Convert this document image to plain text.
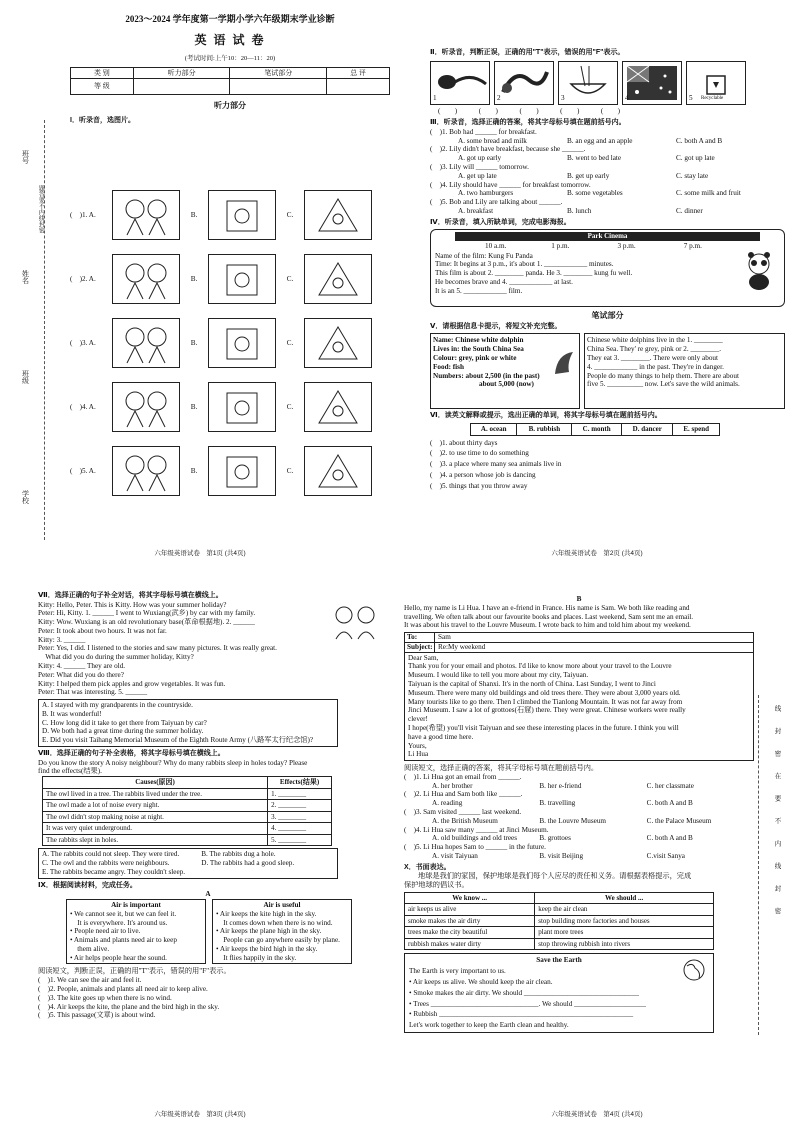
班号
姓名
班级
学校
题答要不内线封密
2023～2024 学年度第一学期小学六年级期末学业诊断
英 语 试 卷
(考试时间:上午10：20—11：20)
类 别	听力部分	笔试部分	总 评
等 级			
听力部分
I．听录音，选图片。
(　)1. A.	B.	C.
(　)2. A.	B.	C.
(　)3. A.	B.	C.
(　)4. A.	B.	C.
(　)5. A.	B.	C.
六年级英语试卷　第1页 (共4页)
Ⅱ．听录音，判断正误，正确的用"T"表示，错误的用"F"表示。
1	2	3	4	5 Recyclable
(　　)　　　(　　)　　　(　　)　　　(　　)　　　(　　)
Ⅲ．听录音，选择正确的答案，将其字母标号填在题前括号内。
(　)1. Bob had ______ for breakfast.
A. some bread and milk	B. an egg and an apple	C. both A and B
(　)2. Lily didn't have breakfast, because she ______.
A. got up early	B. went to bed late	C. got up late
(　)3. Lily will ______ tomorrow.
A. get up late	B. get up early	C. stay late
(　)4. Lily should have ______ for breakfast tomorrow.
A. two hamburgers	B. some vegetables	C. some milk and fruit
(　)5. Bob and Lily are talking about ______.
A. breakfast	B. lunch	C. dinner
Ⅳ．听录音，填入所缺单词，完成电影海报。
Park Cinema
10 a.m.	1 p.m.	3 p.m.	7 p.m.
Name of the film: Kung Fu Panda
Time: It begins at 3 p.m., it's about 1. ____________ minutes.
This film is about 2. ________ panda. He 3. ________ kung fu well.
He becomes brave and 4. ____________ at last.
It is an 5. ____________ film.
笔试部分
Ⅴ．请根据信息卡提示，将短文补充完整。
Name: Chinese white dolphin
Lives in: the South China Sea
Colour: grey, pink or white
Food: fish
Numbers: about 2,500 (in the past)
about 5,000 (now)
Chinese white dolphins live in the 1. ________
China Sea. They' re grey, pink or 2. ________.
They eat 3. ________. There were only about
4. ____________ in the past. They're in danger.
People do many things to help them. There are about
five 5. __________ now. Let's save the wild animals.
Ⅵ．读英文解释或提示，选出正确的单词，将其字母标号填在题前括号内。
A. ocean	B. rubbish	C. month	D. dancer	E. spend
(　)1. about thirty days
(　)2. to use time to do something
(　)3. a place where many sea animals live in
(　)4. a person whose job is dancing
(　)5. things that you throw away
六年级英语试卷　第2页 (共4页)
Ⅶ．选择正确的句子补全对话，将其字母标号填在横线上。
Kitty: Hello, Peter. This is Kitty. How was your summer holiday?
Peter: Hi, Kitty. 1. ______ I went to Wuxiang(武乡) by car with my family.
Kitty: Wow. Wuxiang is an old revolutionary base(革命根据地). 2. ______
Peter: It took about two hours. It was not far.
Kitty: 3. ______
Peter: Yes, I did. I listened to the stories and saw many pictures. It was really great.
　What did you do during the summer holiday, Kitty?
Kitty: 4. ______ They are old.
Peter: What did you do there?
Kitty: I helped them pick apples and grow vegetables. It was fun.
Peter: That was interesting. 5. ______
A. I stayed with my grandparents in the countryside.
B. It was wonderful!
C. How long did it take to get there from Taiyuan by car?
D. We both had a great time during the summer holiday.
E. Did you visit Taihang Memorial Museum of the Eighth Route Army (八路军太行纪念馆)?
Ⅷ．选择正确的句子补全表格，将其字母标号填在横线上。
Do you know the story A noisy neighbour? Why do many rabbits sleep in holes today? Please
find the effects(结果).
Causes(原因)	Effects(结果)
The owl lived in a tree. The rabbits lived under the tree.	1. ________
The owl made a lot of noise every night.	2. ________
The owl didn't stop making noise at night.	3. ________
It was very quiet underground.	4. ________
The rabbits slept in holes.	5. ________
A. The rabbits could not sleep. They were tired.	B. The rabbits dug a hole.
C. The owl and the rabbits were neighbours.	D. The rabbits had a good sleep.
E. The rabbits became angry. They couldn't sleep.
Ⅸ．根据阅读材料，完成任务。
A
Air is important
• We cannot see it, but we can feel it.
　It is everywhere. It's around us.
• People need air to live.
• Animals and plants need air to keep
　them alive.
• Air helps people hear the sound.
Air is useful
• Air keeps the kite high in the sky.
　It comes down when there is no wind.
• Air keeps the plane high in the sky.
　People can go anywhere easily by plane.
• Air keeps the bird high in the sky.
　It flies happily in the sky.
阅读短文，判断正误，正确的用"T"表示，错误的用"F"表示。
(　)1. We can see the air and feel it.
(　)2. People, animals and plants all need air to keep alive.
(　)3. The kite goes up when there is no wind.
(　)4. Air keeps the kite, the plane and the bird high in the sky.
(　)5. This passage(文章) is about wind.
六年级英语试卷　第3页 (共4页)
B
Hello, my name is Li Hua. I have an e-friend in France. His name is Sam. We both like reading and
travelling. We often talk about our favourite books and places. Last weekend, Sam sent me an email.
It was about his travel to the Louvre Museum. I wrote back to him and told him about my weekend.
To:	Sam
Subject: Re:My weekend
Dear Sam,
Thank you for your email and photos. I'd like to know more about your travel to the Louvre
Museum. I would like to tell you more about my city, Taiyuan.
Taiyuan is the capital of Shanxi. It's in the north of China. Last Sunday, I went to Jinci
Museum. There were many old buildings and old trees there. They were about 3,000 years old.
Many tourists like to go there. Then I climbed the Tianlong Mountain. It was not far away from
Jinci Museum. I saw a lot of grottoes(石窟) there. They were great. Chinese workers were really
clever!
I hope(希望) you'll visit Taiyuan and see these interesting places in the future. I think you will
have a good time here.
Yours,
Li Hua
阅读短文，选择正确的答案，将其字母标号填在题前括号内。
(　)1. Li Hua got an email from ______.
A. her brother	B. her e-friend	C. her classmate
(　)2. Li Hua and Sam both like ______.
A. reading	B. travelling	C. both A and B
(　)3. Sam visited ______ last weekend.
A. the British Museum	B. the Louvre Museum	C. the Palace Museum
(　)4. Li Hua saw many ______ at Jinci Museum.
A. old buildings and old trees	B. grottoes	C. both A and B
(　)5. Li Hua hopes Sam to ______ in the future.
A. visit Taiyuan	B. visit Beijing	C.visit Sanya
X．书面表达。
地球是我们的家园，保护地球是我们每个人应尽的责任和义务。请根据表格提示，完成
保护地球的倡议书。
We know ...	We should ...
air keeps us alive	keep the air clean
smoke makes the air dirty	stop building more factories and houses
trees make the city beautiful	plant more trees
rubbish makes water dirty	stop throwing rubbish into rivers
Save the Earth
The Earth is very important to us.
• Air keeps us alive. We should keep the air clean.
• Smoke makes the air dirty. We should ________________________________
• Trees ______________________________. We should ____________________
• Rubbish ______________________________________________________
Let's work together to keep the Earth clean and healthy.
线封密在要不内线封密
六年级英语试卷　第4页 (共4页)
